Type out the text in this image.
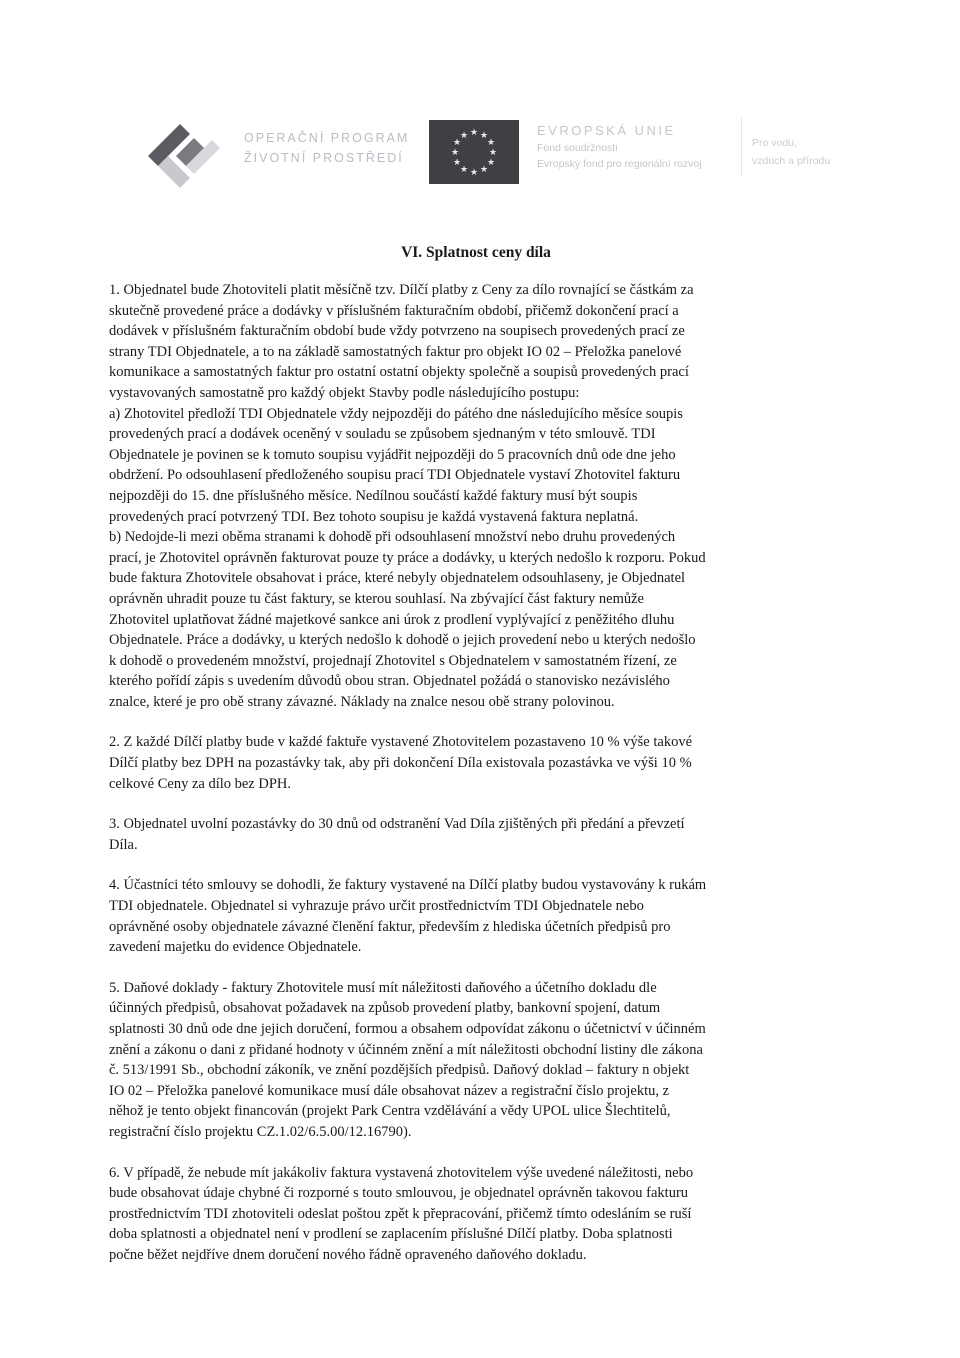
OPERAČNÍ PROGRAM
ŽIVOTNÍ PROSTŘEDÍ
★ ★
★
★
★
★
★
★
★
★
★
★	EVROPSKÁ UNIE
Fond soudržnosti
Evropský fond pro regionální rozvoj
Pro vodu,
vzduch a přírodu
VI. Splatnost ceny díla
1. Objednatel bude Zhotoviteli platit měsíčně tzv. Dílčí platby z Ceny za dílo rovnající se částkám za
skutečně provedené práce a dodávky v příslušném fakturačním období, přičemž dokončení prací a
dodávek v příslušném fakturačním období bude vždy potvrzeno na soupisech provedených prací ze
strany TDI Objednatele, a to na základě samostatných faktur pro objekt IO 02 – Přeložka panelové
komunikace a samostatných faktur pro ostatní ostatní objekty společně a soupisů provedených prací
vystavovaných samostatně pro každý objekt Stavby podle následujícího postupu:
a) Zhotovitel předloží TDI Objednatele vždy nejpozději do pátého dne následujícího měsíce soupis
provedených prací a dodávek oceněný v souladu se způsobem sjednaným v této smlouvě. TDI
Objednatele je povinen se k tomuto soupisu vyjádřit nejpozději do 5 pracovních dnů ode dne jeho
obdržení. Po odsouhlasení předloženého soupisu prací TDI Objednatele vystaví Zhotovitel fakturu
nejpozději do 15. dne příslušného měsíce. Nedílnou součástí každé faktury musí být soupis
provedených prací potvrzený TDI. Bez tohoto soupisu je každá vystavená faktura neplatná.
b) Nedojde-li mezi oběma stranami k dohodě při odsouhlasení množství nebo druhu provedených
prací, je Zhotovitel oprávněn fakturovat pouze ty práce a dodávky, u kterých nedošlo k rozporu. Pokud
bude faktura Zhotovitele obsahovat i práce, které nebyly objednatelem odsouhlaseny, je Objednatel
oprávněn uhradit pouze tu část faktury, se kterou souhlasí. Na zbývající část faktury nemůže
Zhotovitel uplatňovat žádné majetkové sankce ani úrok z prodlení vyplývající z peněžitého dluhu
Objednatele. Práce a dodávky, u kterých nedošlo k dohodě o jejich provedení nebo u kterých nedošlo
k dohodě o provedeném množství, projednají Zhotovitel s Objednatelem v samostatném řízení, ze
kterého pořídí zápis s uvedením důvodů obou stran. Objednatel požádá o stanovisko nezávislého
znalce, které je pro obě strany závazné. Náklady na znalce nesou obě strany polovinou.
2. Z každé Dílčí platby bude v každé faktuře vystavené Zhotovitelem pozastaveno 10 % výše takové
Dílčí platby bez DPH na pozastávky tak, aby při dokončení Díla existovala pozastávka ve výši 10 %
celkové Ceny za dílo bez DPH.
3. Objednatel uvolní pozastávky do 30 dnů od odstranění Vad Díla zjištěných při předání a převzetí
Díla.
4. Účastníci této smlouvy se dohodli, že faktury vystavené na Dílčí platby budou vystavovány k rukám
TDI objednatele. Objednatel si vyhrazuje právo určit prostřednictvím TDI Objednatele nebo
oprávněné osoby objednatele závazné členění faktur, především z hlediska účetních předpisů pro
zavedení majetku do evidence Objednatele.
5. Daňové doklady - faktury Zhotovitele musí mít náležitosti daňového a účetního dokladu dle
účinných předpisů, obsahovat požadavek na způsob provedení platby, bankovní spojení, datum
splatnosti 30 dnů ode dne jejich doručení, formou a obsahem odpovídat zákonu o účetnictví v účinném
znění a zákonu o dani z přidané hodnoty v účinném znění a mít náležitosti obchodní listiny dle zákona
č. 513/1991 Sb., obchodní zákoník, ve znění pozdějších předpisů. Daňový doklad – faktury n objekt
IO 02 – Přeložka panelové komunikace musí dále obsahovat název a registrační číslo projektu, z
něhož je tento objekt financován (projekt Park Centra vzdělávání a vědy UPOL ulice Šlechtitelů,
registrační číslo projektu CZ.1.02/6.5.00/12.16790).
6. V případě, že nebude mít jakákoliv faktura vystavená zhotovitelem výše uvedené náležitosti, nebo
bude obsahovat údaje chybné či rozporné s touto smlouvou, je objednatel oprávněn takovou fakturu
prostřednictvím TDI zhotoviteli odeslat poštou zpět k přepracování, přičemž tímto odesláním se ruší
doba splatnosti a objednatel není v prodlení se zaplacením příslušné Dílčí platby. Doba splatnosti
počne běžet nejdříve dnem doručení nového řádně opraveného daňového dokladu.
